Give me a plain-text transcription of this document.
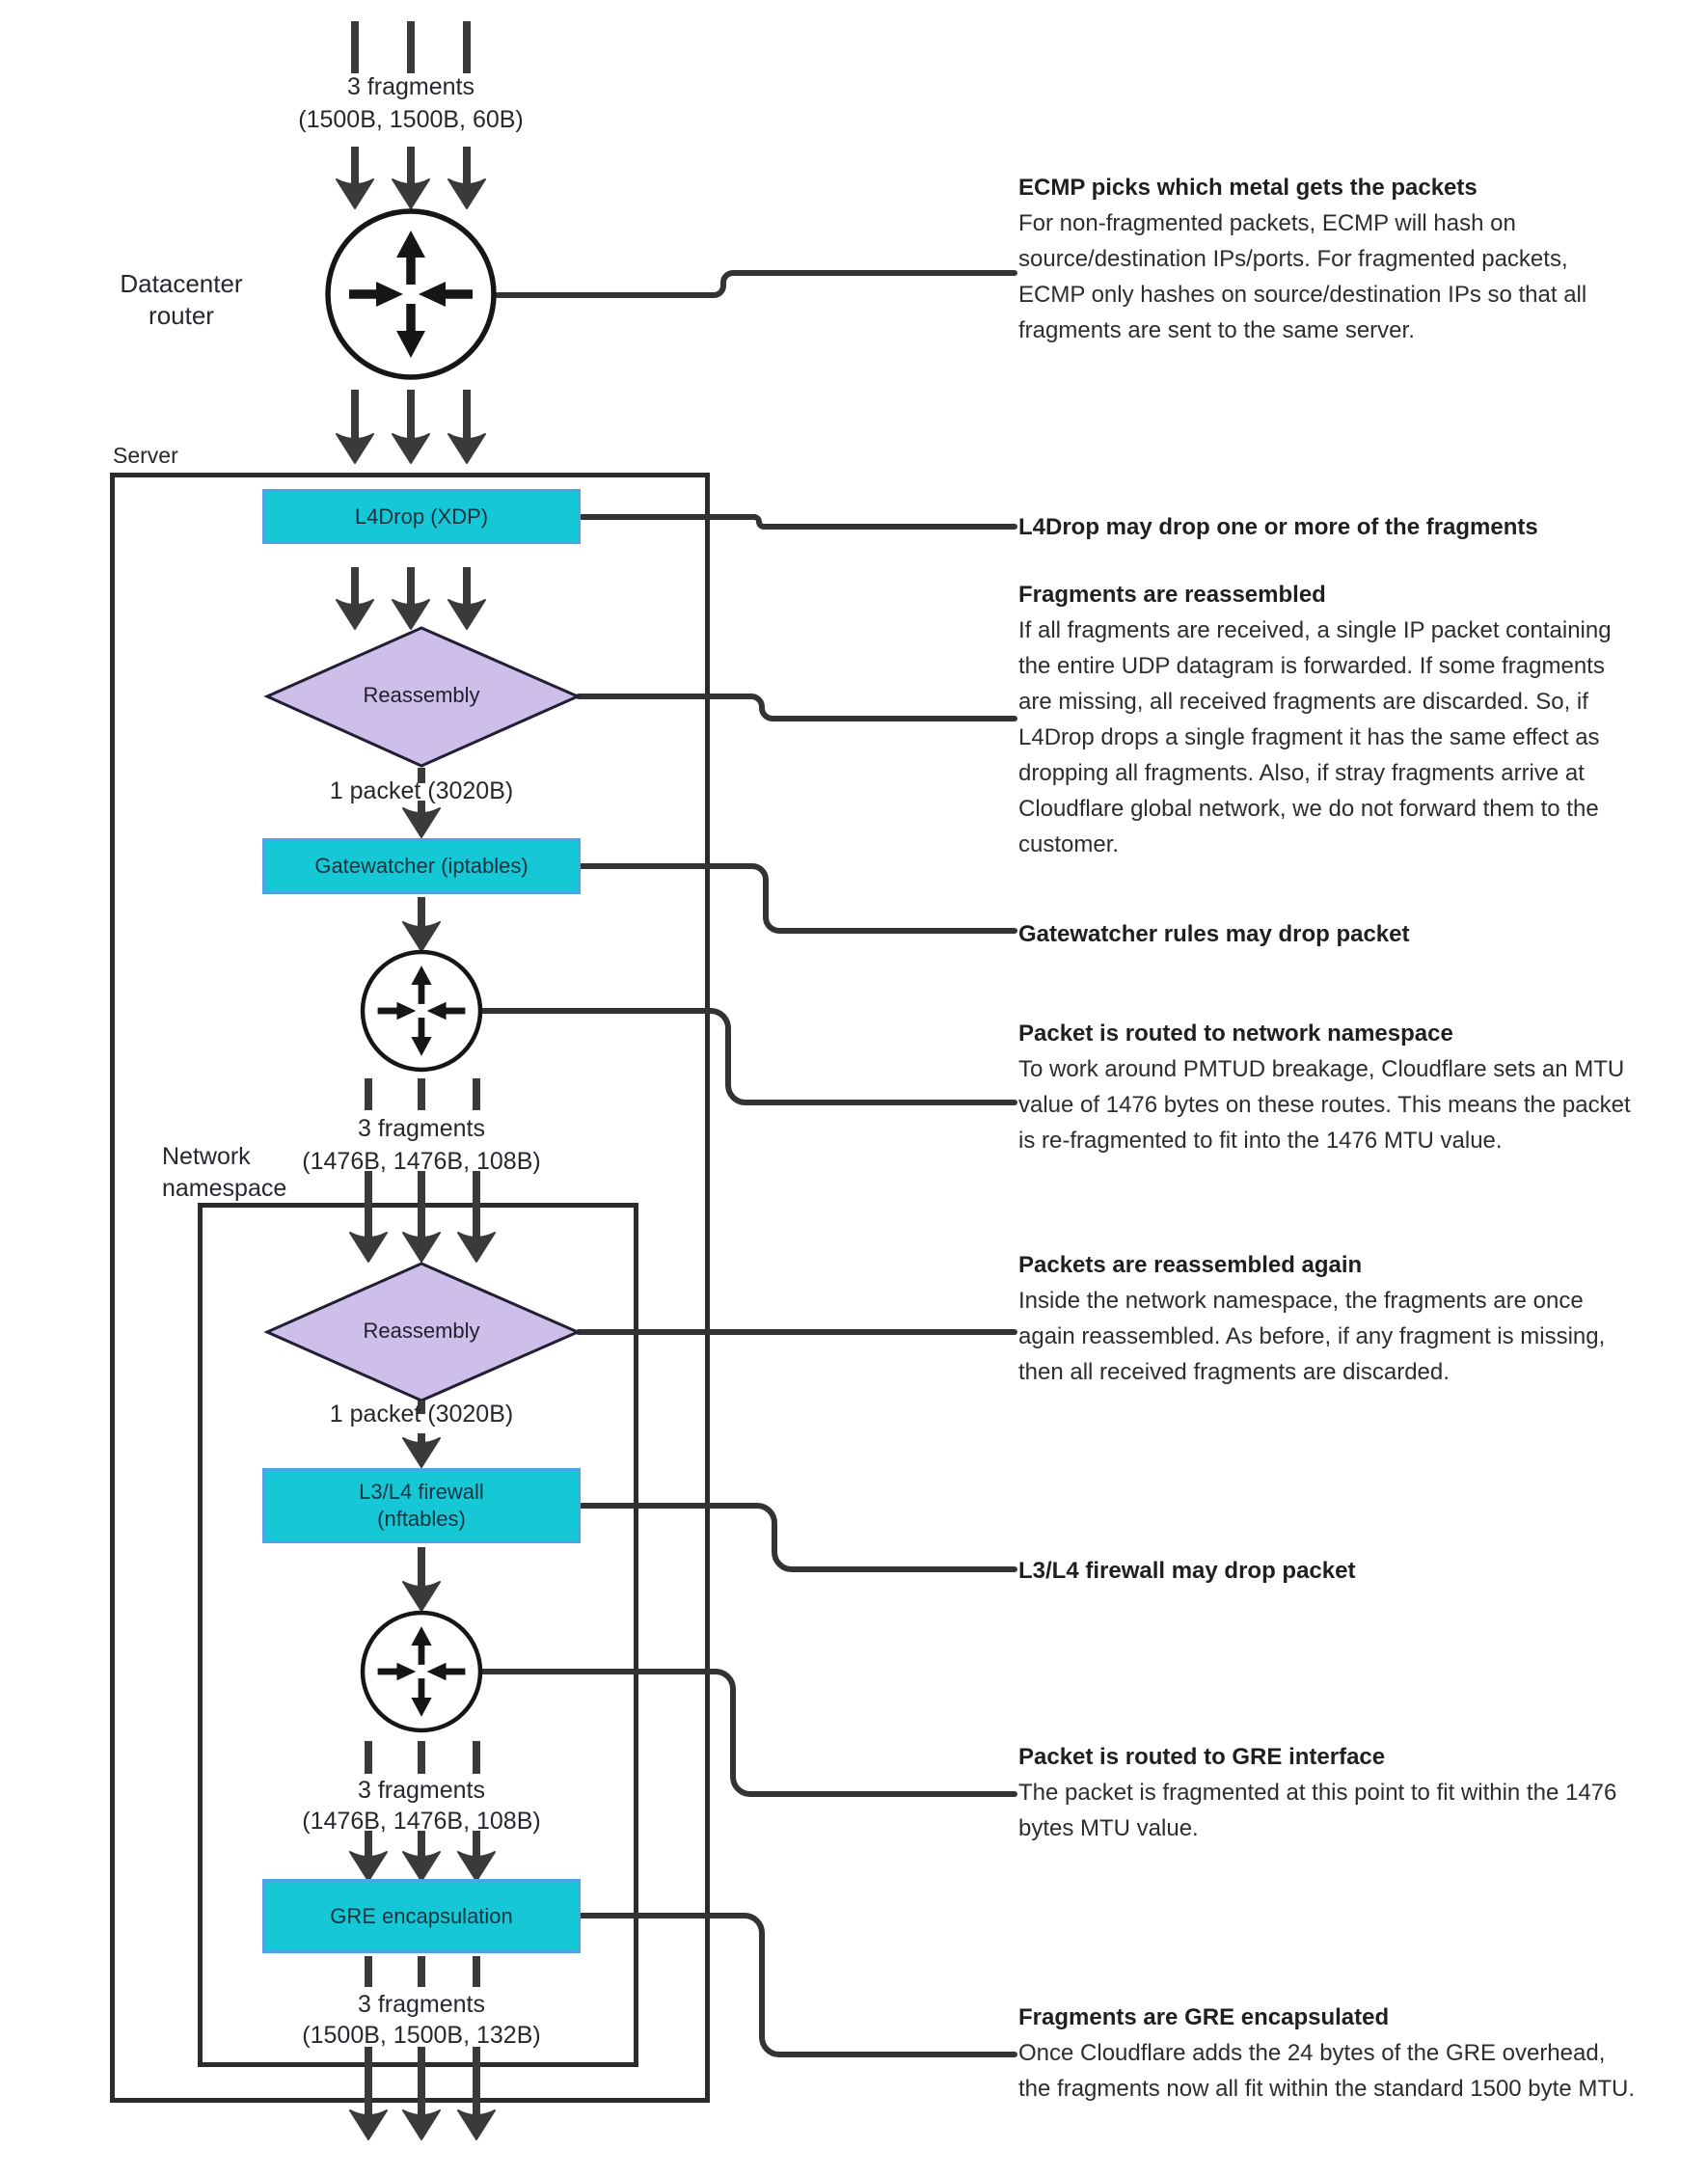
L4Drop (XDP)
Gatewatcher (iptables)
L3/L4 firewall (nftables)
GRE encapsulation
3 fragments
(1500B, 1500B, 60B)
Datacenter router
Server
Reassembly
1 packet (3020B)
3 fragments
(1476B, 1476B, 108B)
Network namespace
Reassembly
1 packet (3020B)
3 fragments
(1476B, 1476B, 108B)
3 fragments
(1500B, 1500B, 132B)
ECMP picks which metal gets the packets
For non-fragmented packets, ECMP will hash on source/destination IPs/ports. For fragmented packets, ECMP only hashes on source/destination IPs so that all fragments are sent to the same server.
L4Drop may drop one or more of the fragments
Fragments are reassembled
If all fragments are received, a single IP packet containing the entire UDP datagram is forwarded. If some fragments are missing, all received fragments are discarded. So, if L4Drop drops a single fragment it has the same effect as dropping all fragments. Also, if stray fragments arrive at Cloudflare global network, we do not forward them to the customer.
Gatewatcher rules may drop packet
Packet is routed to network namespace
To work around PMTUD breakage, Cloudflare sets an MTU value of 1476 bytes on these routes. This means the packet is re-fragmented to fit into the 1476 MTU value.
Packets are reassembled again
Inside the network namespace, the fragments are once again reassembled. As before, if any fragment is missing, then all received fragments are discarded.
L3/L4 firewall may drop packet
Packet is routed to GRE interface
The packet is fragmented at this point to fit within the 1476 bytes MTU value.
Fragments are GRE encapsulated
Once Cloudflare adds the 24 bytes of the GRE overhead, the fragments now all fit within the standard 1500 byte MTU.
